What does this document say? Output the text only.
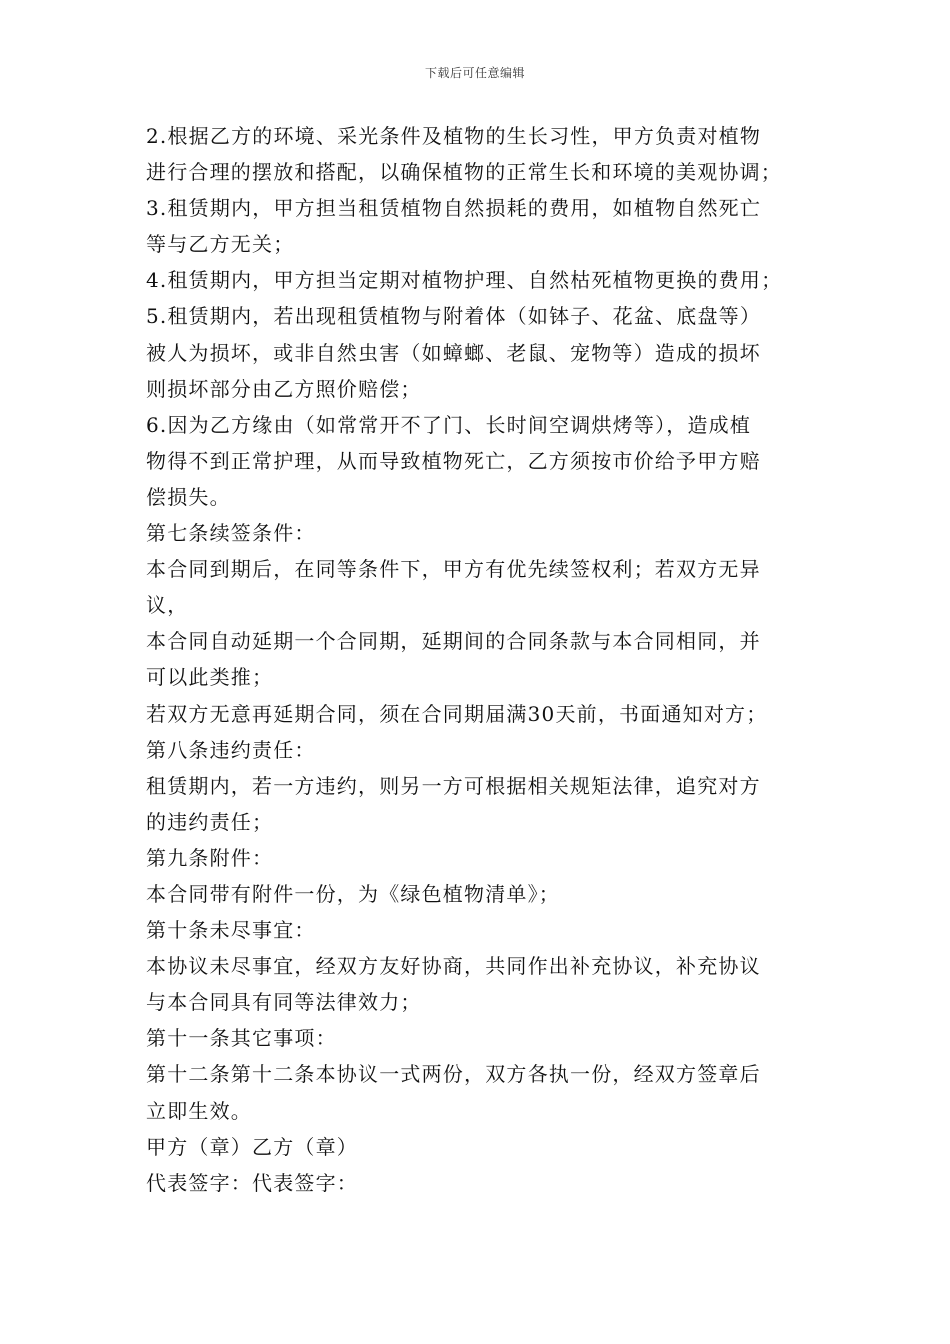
下载后可任意编辑
2.根据乙方的环境、采光条件及植物的生长习性，甲方负责对植物
进行合理的摆放和搭配，以确保植物的正常生长和环境的美观协调；
3.租赁期内，甲方担当租赁植物自然损耗的费用，如植物自然死亡
等与乙方无关；
4.租赁期内，甲方担当定期对植物护理、自然枯死植物更换的费用；
5.租赁期内，若出现租赁植物与附着体（如钵子、花盆、底盘等）
被人为损坏，或非自然虫害（如蟑螂、老鼠、宠物等）造成的损坏
则损坏部分由乙方照价赔偿；
6.因为乙方缘由（如常常开不了门、长时间空调烘烤等），造成植
物得不到正常护理，从而导致植物死亡，乙方须按市价给予甲方赔
偿损失。
第七条续签条件：
本合同到期后，在同等条件下，甲方有优先续签权利；若双方无异
议，
本合同自动延期一个合同期，延期间的合同条款与本合同相同，并
可以此类推；
若双方无意再延期合同，须在合同期届满30天前，书面通知对方；
第八条违约责任：
租赁期内，若一方违约，则另一方可根据相关规矩法律，追究对方
的违约责任；
第九条附件：
本合同带有附件一份，为《绿色植物清单》；
第十条未尽事宜：
本协议未尽事宜，经双方友好协商，共同作出补充协议，补充协议
与本合同具有同等法律效力；
第十一条其它事项：
第十二条第十二条本协议一式两份，双方各执一份，经双方签章后
立即生效。
甲方（章）乙方（章）
代表签字：代表签字：
